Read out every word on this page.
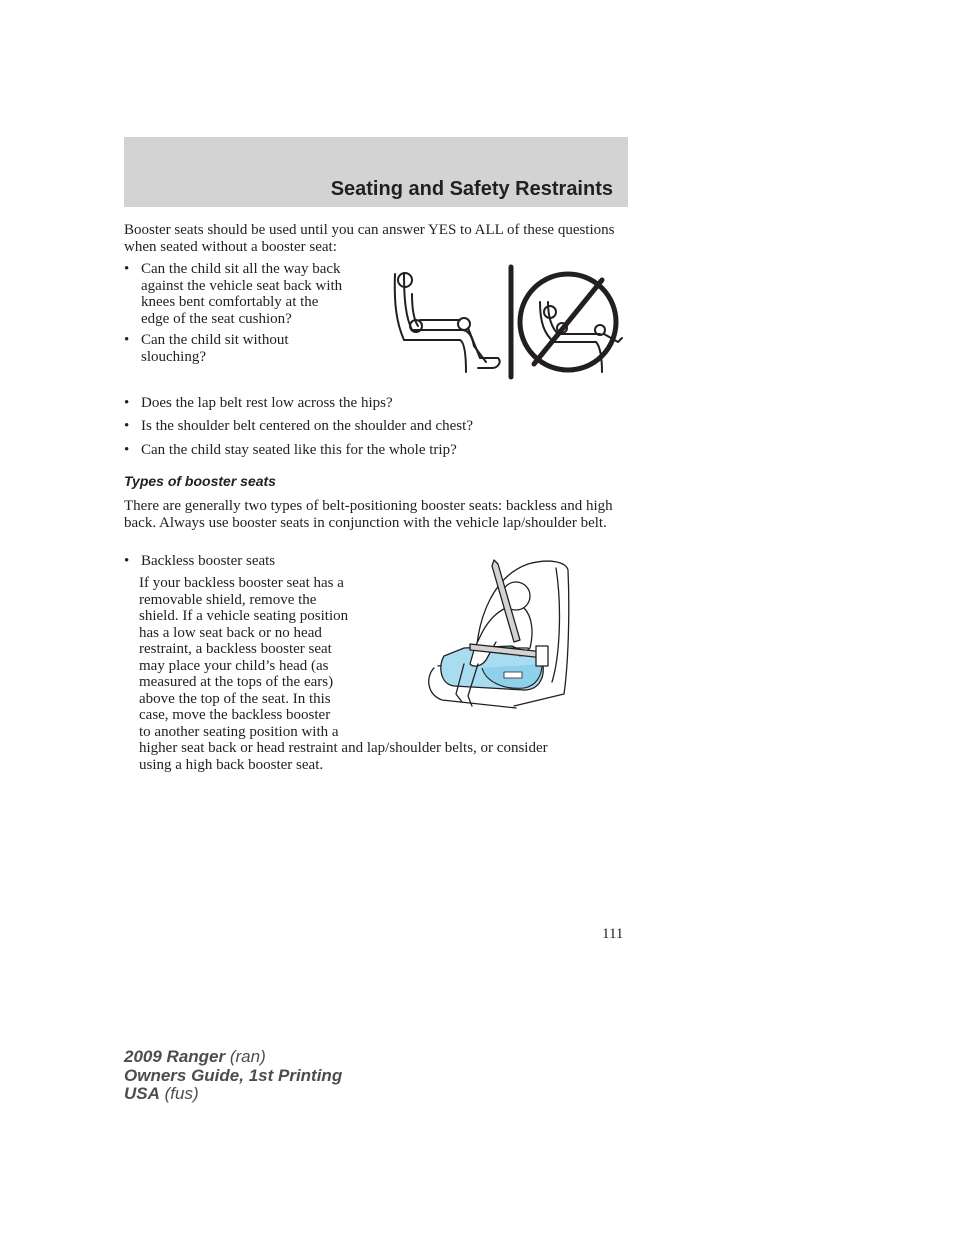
Seating and Safety Restraints

Booster seats should be used until you can answer YES to ALL of these questions when seated without a booster seat:

• Can the child sit all the way back
against the vehicle seat back with
knees bent comfortably at the
edge of the seat cushion?
• Can the child sit without
slouching?
• Does the lap belt rest low across the hips?
• Is the shoulder belt centered on the shoulder and chest?
• Can the child stay seated like this for the whole trip?
Types of booster seats

There are generally two types of belt-positioning booster seats: backless and high back. Always use booster seats in conjunction with the vehicle lap/shoulder belt.

• Backless booster seats
If your backless booster seat has a
removable shield, remove the
shield. If a vehicle seating position
has a low seat back or no head
restraint, a backless booster seat
may place your child’s head (as
measured at the tops of the ears)
above the top of the seat. In this
case, move the backless booster
to another seating position with a
higher seat back or head restraint and lap/shoulder belts, or consider
using a high back booster seat.

111

2009 Ranger (ran)
Owners Guide, 1st Printing
USA (fus)
